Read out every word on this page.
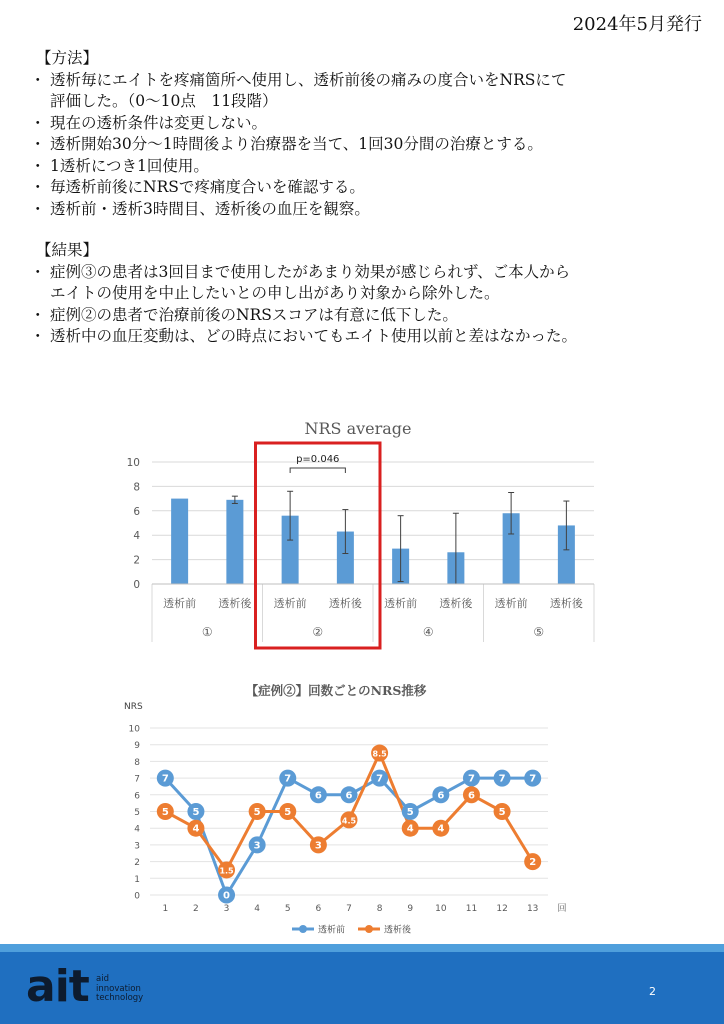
2024年5月発行
【方法】
・ 透析毎にエイトを疼痛箇所へ使用し、透析前後の痛みの度合いをNRSにて
評価した。（0～10点　11段階）
・ 現在の透析条件は変更しない。
・ 透析開始30分～1時間後より治療器を当て、1回30分間の治療とする。
・ 1透析につき1回使用。
・ 毎透析前後にNRSで疼痛度合いを確認する。
・ 透析前・透析3時間目、透析後の血圧を観察。
【結果】
・ 症例③の患者は3回目まで使用したがあまり効果が感じられず、ご本人から
エイトの使用を中止したいとの申し出があり対象から除外した。
・ 症例②の患者で治療前後のNRSスコアは有意に低下した。
・ 透析中の血圧変動は、どの時点においてもエイト使用以前と差はなかった。
NRS average
0
2
4
6
8
10
透析前 透析後 透析前 透析後 透析前 透析後 透析前 透析後
①	②	④	⑤
p=0.046
【症例②】回数ごとのNRS推移
NRS
0
1
2
3
4
5
6
7
8
9
10
1	2	3	4	5	6	7	8	9 10 11 12 13 回
7
5
0
3
7
6 6
7
5
6
7 7 7
5
4
1.5
5 5
3
4.5
8.5
4 4
6
5
2
透析前	透析後
ait aid
innovation
technology	2
